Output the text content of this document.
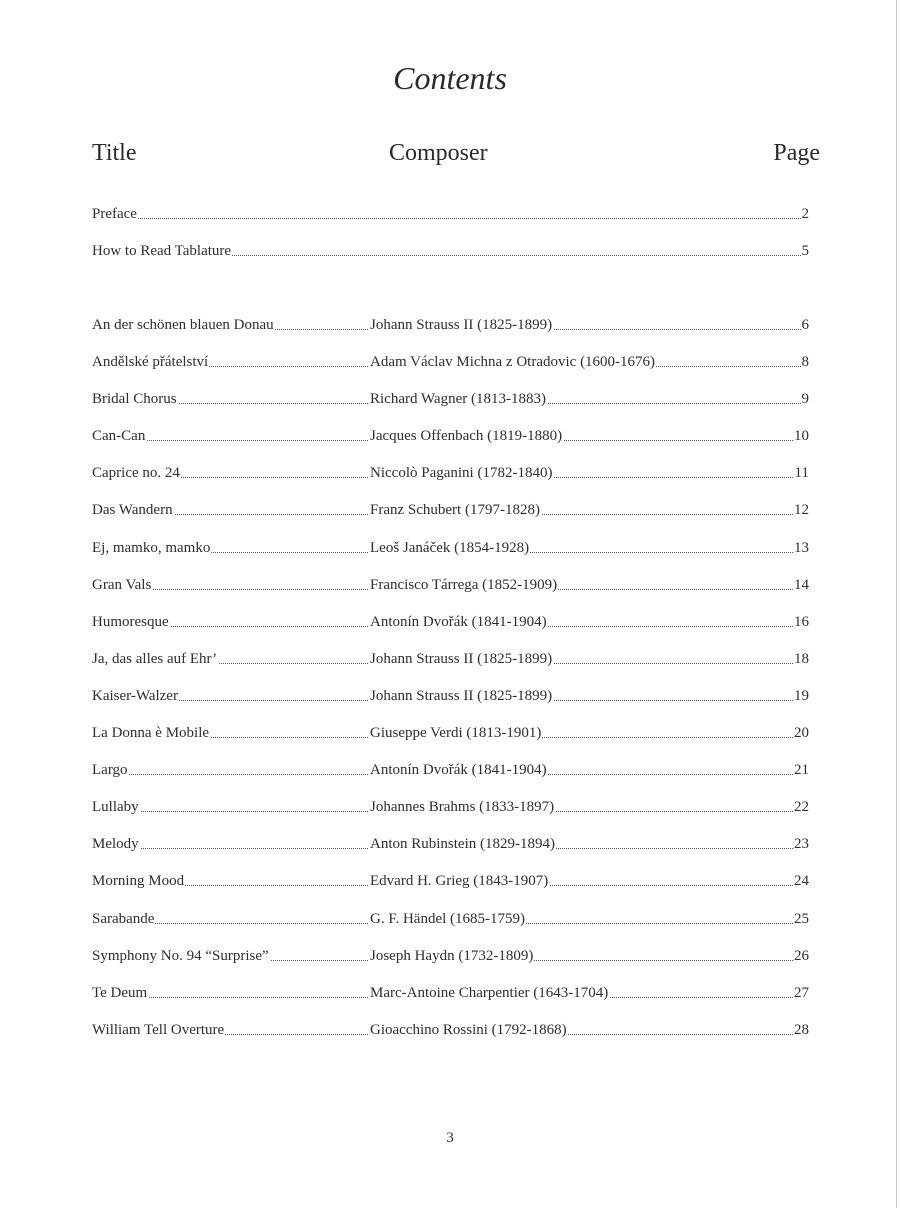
Contents
Title	Composer	Page
Preface	2
How to Read Tablature	5
An der schönen blauen Donau	Johann Strauss II (1825-1899)	6
Andělské přátelství	Adam Václav Michna z Otradovic (1600-1676)	8
Bridal Chorus	Richard Wagner (1813-1883)	9
Can-Can	Jacques Offenbach (1819-1880)	10
Caprice no. 24	Niccolò Paganini (1782-1840)	11
Das Wandern	Franz Schubert (1797-1828)	12
Ej, mamko, mamko	Leoš Janáček (1854-1928)	13
Gran Vals	Francisco Tárrega (1852-1909)	14
Humoresque	Antonín Dvořák (1841-1904)	16
Ja, das alles auf Ehr’	Johann Strauss II (1825-1899)	18
Kaiser-Walzer	Johann Strauss II (1825-1899)	19
La Donna è Mobile	Giuseppe Verdi (1813-1901)	20
Largo	Antonín Dvořák (1841-1904)	21
Lullaby	Johannes Brahms (1833-1897)	22
Melody	Anton Rubinstein (1829-1894)	23
Morning Mood	Edvard H. Grieg (1843-1907)	24
Sarabande	G. F. Händel (1685-1759)	25
Symphony No. 94 “Surprise”	Joseph Haydn (1732-1809)	26
Te Deum	Marc-Antoine Charpentier (1643-1704)	27
William Tell Overture	Gioacchino Rossini (1792-1868)	28
3
